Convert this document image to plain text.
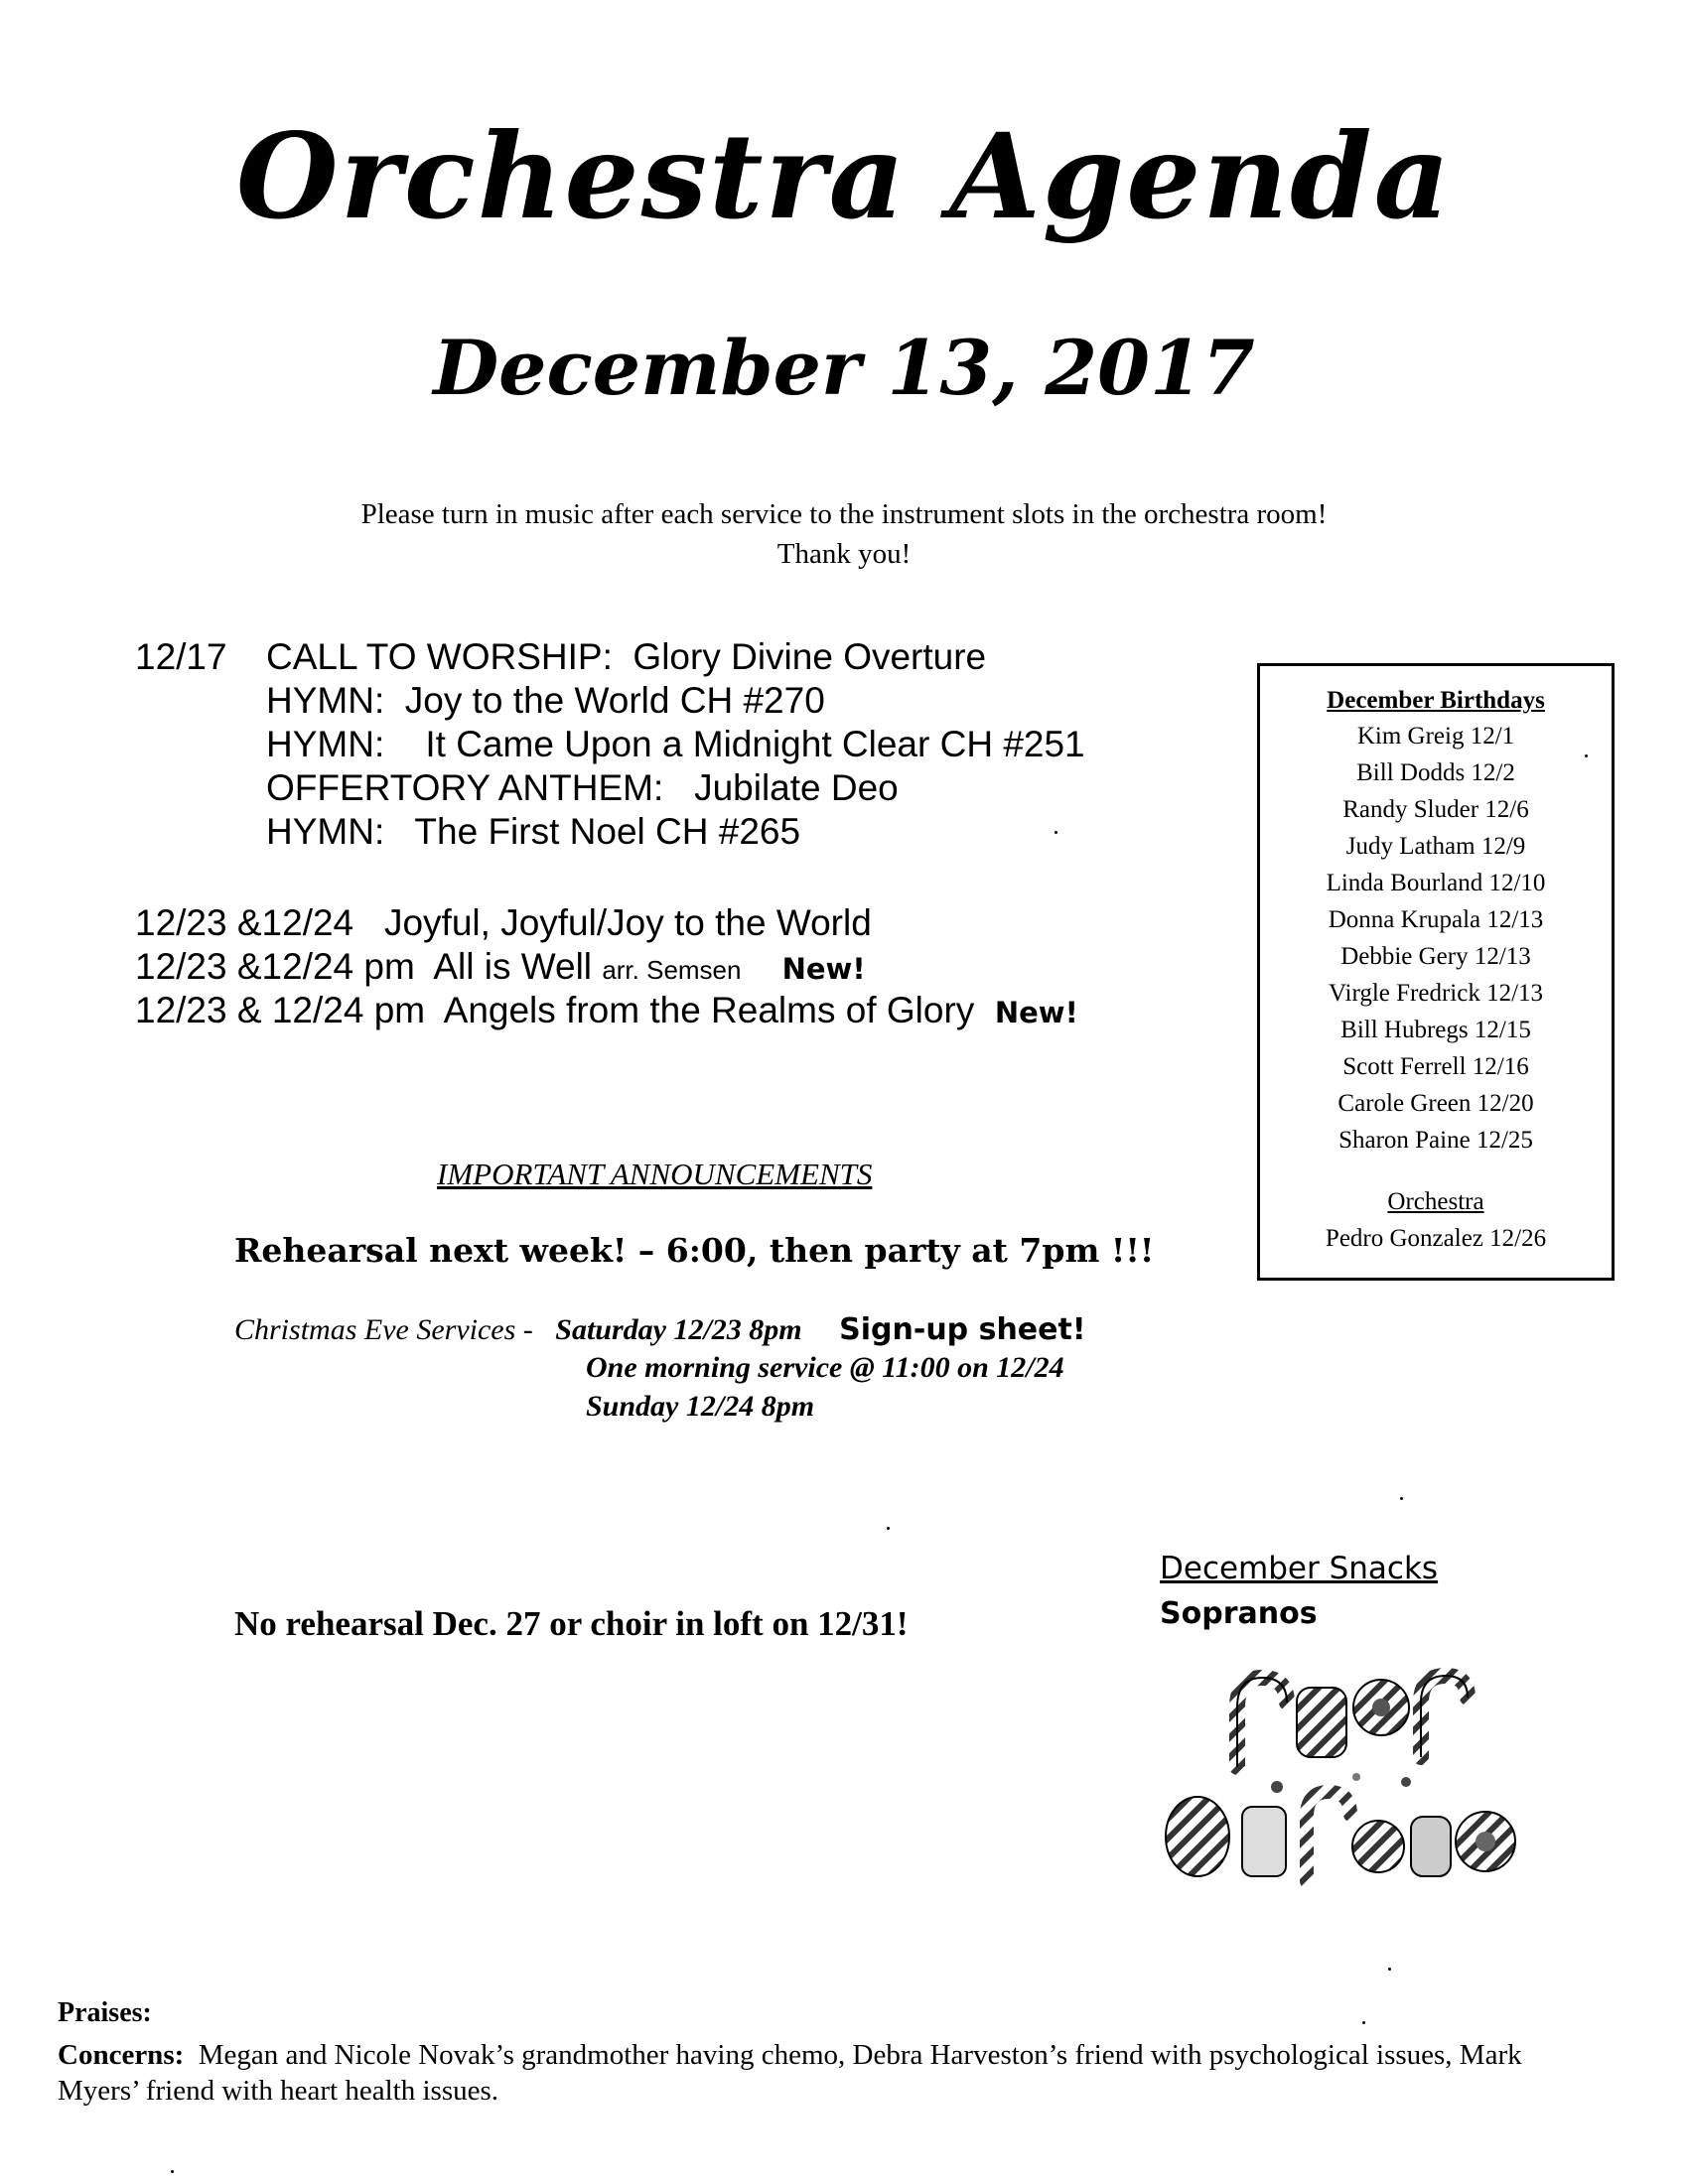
Orchestra Agenda
December 13, 2017
Please turn in music after each service to the instrument slots in the orchestra room!
Thank you!
12/17 CALL TO WORSHIP: Glory Divine Overture
HYMN: Joy to the World CH #270
HYMN: It Came Upon a Midnight Clear CH #251
OFFERTORY ANTHEM: Jubilate Deo
HYMN: The First Noel CH #265
12/23 &12/24 Joyful, Joyful/Joy to the World
12/23 &12/24 pm All is Well arr. Semsen New!
12/23 & 12/24 pm Angels from the Realms of Glory New!
December Birthdays
Kim Greig 12/1
Bill Dodds 12/2
Randy Sluder 12/6
Judy Latham 12/9
Linda Bourland 12/10
Donna Krupala 12/13
Debbie Gery 12/13
Virgle Fredrick 12/13
Bill Hubregs 12/15
Scott Ferrell 12/16
Carole Green 12/20
Sharon Paine 12/25
Orchestra
Pedro Gonzalez 12/26
IMPORTANT ANNOUNCEMENTS
Rehearsal next week! – 6:00, then party at 7pm !!!
Christmas Eve Services - Saturday 12/23 8pm Sign-up sheet!
One morning service @ 11:00 on 12/24
Sunday 12/24 8pm
No rehearsal Dec. 27 or choir in loft on 12/31!
December Snacks
Sopranos
Praises:
Concerns: Megan and Nicole Novak’s grandmother having chemo, Debra Harveston’s friend with psychological issues, Mark Myers’ friend with heart health issues.
